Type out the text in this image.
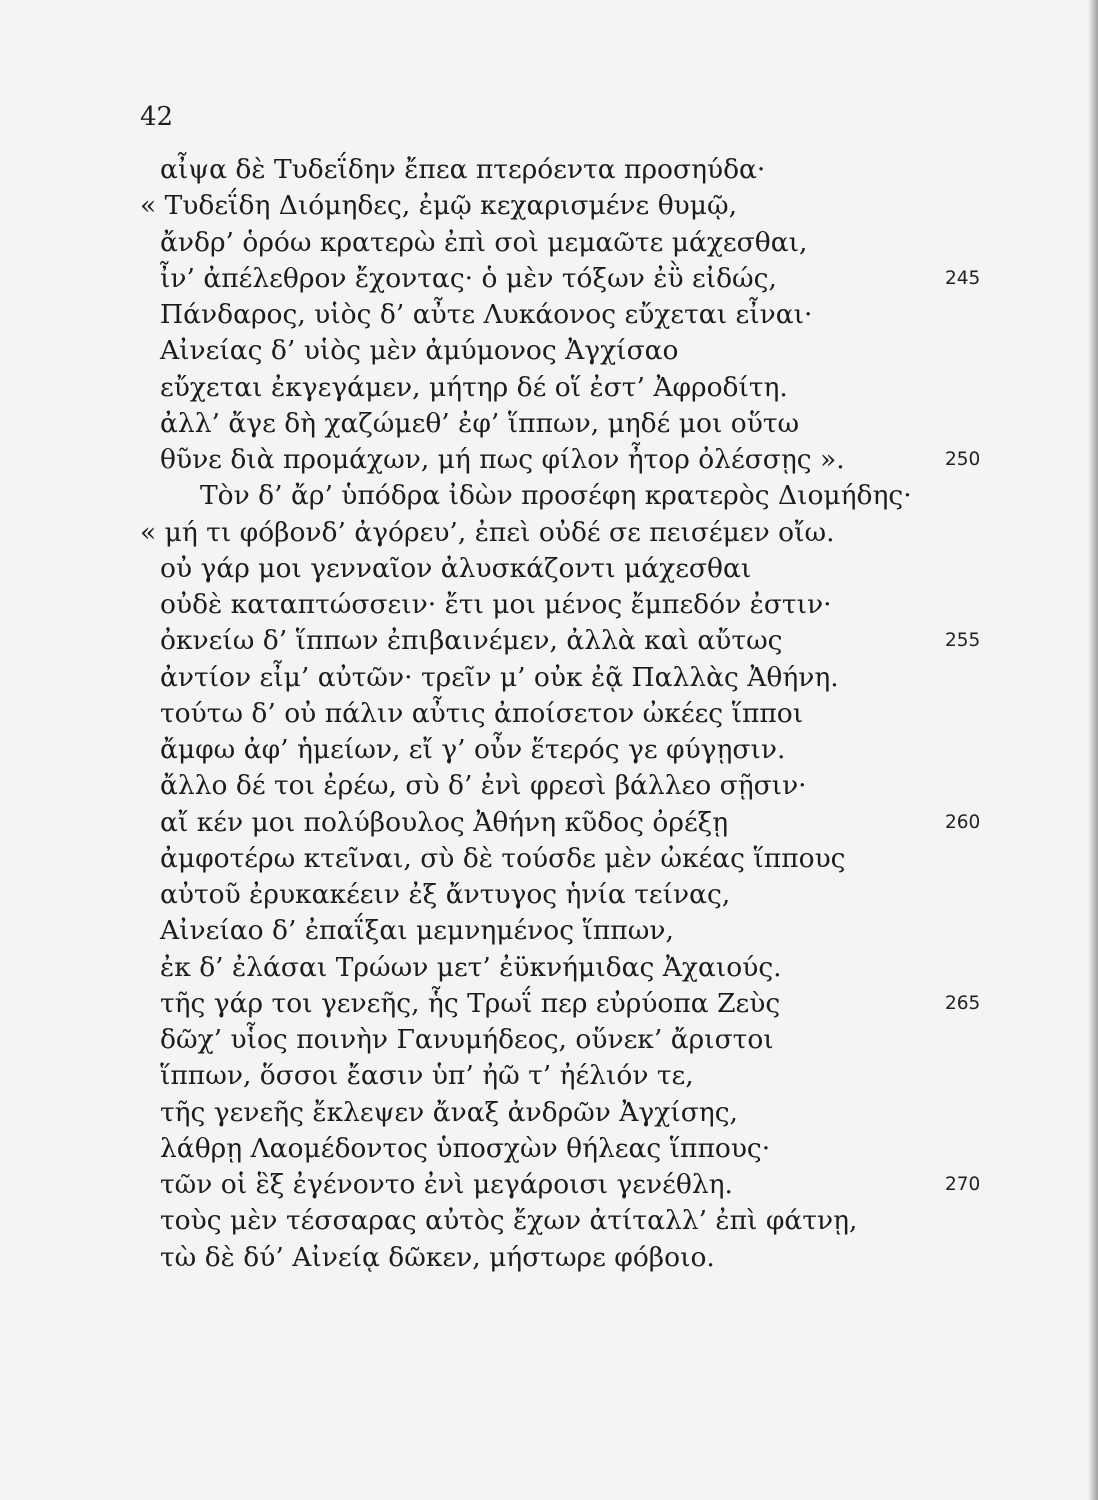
42
αἶψα δὲ Τυδεΐδην ἔπεα πτερόεντα προσηύδα·
« Τυδεΐδη Διόμηδες, ἐμῷ κεχαρισμένε θυμῷ,
ἄνδρ’ ὁρόω κρατερὼ ἐπὶ σοὶ μεμαῶτε μάχεσθαι,
ἶν’ ἀπέλεθρον ἔχοντας· ὁ μὲν τόξων ἐῢ εἰδώς,	245
Πάνδαρος, υἱὸς δ’ αὖτε Λυκάονος εὔχεται εἶναι·
Αἰνείας δ’ υἱὸς μὲν ἀμύμονος Ἀγχίσαο
εὔχεται ἐκγεγάμεν, μήτηρ δέ οἵ ἐστ’ Ἀφροδίτη.
ἀλλ’ ἄγε δὴ χαζώμεθ’ ἐφ’ ἵππων, μηδέ μοι οὕτω
θῦνε διὰ προμάχων, μή πως φίλον ἦτορ ὀλέσσῃς ».	250
Τὸν δ’ ἄρ’ ὑπόδρα ἰδὼν προσέφη κρατερὸς Διομήδης·
« μή τι φόβονδ’ ἀγόρευ’, ἐπεὶ οὐδέ σε πεισέμεν οἴω.
οὐ γάρ μοι γενναῖον ἀλυσκάζοντι μάχεσθαι
οὐδὲ καταπτώσσειν· ἔτι μοι μένος ἔμπεδόν ἐστιν·
ὀκνείω δ’ ἵππων ἐπιβαινέμεν, ἀλλὰ καὶ αὔτως	255
ἀντίον εἶμ’ αὐτῶν· τρεῖν μ’ οὐκ ἐᾷ Παλλὰς Ἀθήνη.
τούτω δ’ οὐ πάλιν αὖτις ἀποίσετον ὠκέες ἵπποι
ἄμφω ἀφ’ ἡμείων, εἴ γ’ οὖν ἕτερός γε φύγῃσιν.
ἄλλο δέ τοι ἐρέω, σὺ δ’ ἐνὶ φρεσὶ βάλλεο σῇσιν·
αἴ κέν μοι πολύβουλος Ἀθήνη κῦδος ὀρέξῃ	260
ἀμφοτέρω κτεῖναι, σὺ δὲ τούσδε μὲν ὠκέας ἵππους
αὐτοῦ ἐρυκακέειν ἐξ ἄντυγος ἡνία τείνας,
Αἰνείαο δ’ ἐπαΐξαι μεμνημένος ἵππων,
ἐκ δ’ ἐλάσαι Τρώων μετ’ ἐϋκνήμιδας Ἀχαιούς.
τῆς γάρ τοι γενεῆς, ἧς Τρωΐ περ εὐρύοπα Ζεὺς	265
δῶχ’ υἷος ποινὴν Γανυμήδεος, οὕνεκ’ ἄριστοι
ἵππων, ὅσσοι ἔασιν ὑπ’ ἠῶ τ’ ἠέλιόν τε,
τῆς γενεῆς ἔκλεψεν ἄναξ ἀνδρῶν Ἀγχίσης,
λάθρῃ Λαομέδοντος ὑποσχὼν θήλεας ἵππους·
τῶν οἱ ἓξ ἐγένοντο ἐνὶ μεγάροισι γενέθλη.	270
τοὺς μὲν τέσσαρας αὐτὸς ἔχων ἀτίταλλ’ ἐπὶ φάτνῃ,
τὼ δὲ δύ’ Αἰνείᾳ δῶκεν, μήστωρε φόβοιο.
